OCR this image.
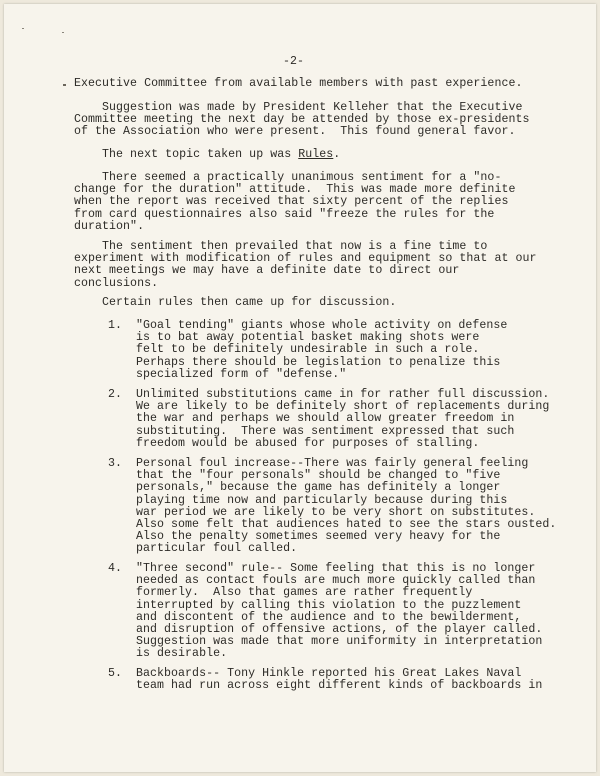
-2-
Executive Committee from available members with past experience.
Suggestion was made by President Kelleher that the Executive
Committee meeting the next day be attended by those ex-presidents
of the Association who were present.  This found general favor.
The next topic taken up was Rules.
There seemed a practically unanimous sentiment for a "no-
change for the duration" attitude.  This was made more definite
when the report was received that sixty percent of the replies
from card questionnaires also said "freeze the rules for the
duration".
The sentiment then prevailed that now is a fine time to
experiment with modification of rules and equipment so that at our
next meetings we may have a definite date to direct our
conclusions.
Certain rules then came up for discussion.
1. "Goal tending" giants whose whole activity on defense
is to bat away potential basket making shots were
felt to be definitely undesirable in such a role.
Perhaps there should be legislation to penalize this
specialized form of "defense."
2. Unlimited substitutions came in for rather full discussion.
We are likely to be definitely short of replacements during
the war and perhaps we should allow greater freedom in
substituting.  There was sentiment expressed that such
freedom would be abused for purposes of stalling.
3. Personal foul increase--There was fairly general feeling
that the "four personals" should be changed to "five
personals," because the game has definitely a longer
playing time now and particularly because during this
war period we are likely to be very short on substitutes.
Also some felt that audiences hated to see the stars ousted.
Also the penalty sometimes seemed very heavy for the
particular foul called.
4. "Three second" rule-- Some feeling that this is no longer
needed as contact fouls are much more quickly called than
formerly.  Also that games are rather frequently
interrupted by calling this violation to the puzzlement
and discontent of the audience and to the bewilderment,
and disruption of offensive actions, of the player called.
Suggestion was made that more uniformity in interpretation
is desirable.
5. Backboards-- Tony Hinkle reported his Great Lakes Naval
team had run across eight different kinds of backboards in
